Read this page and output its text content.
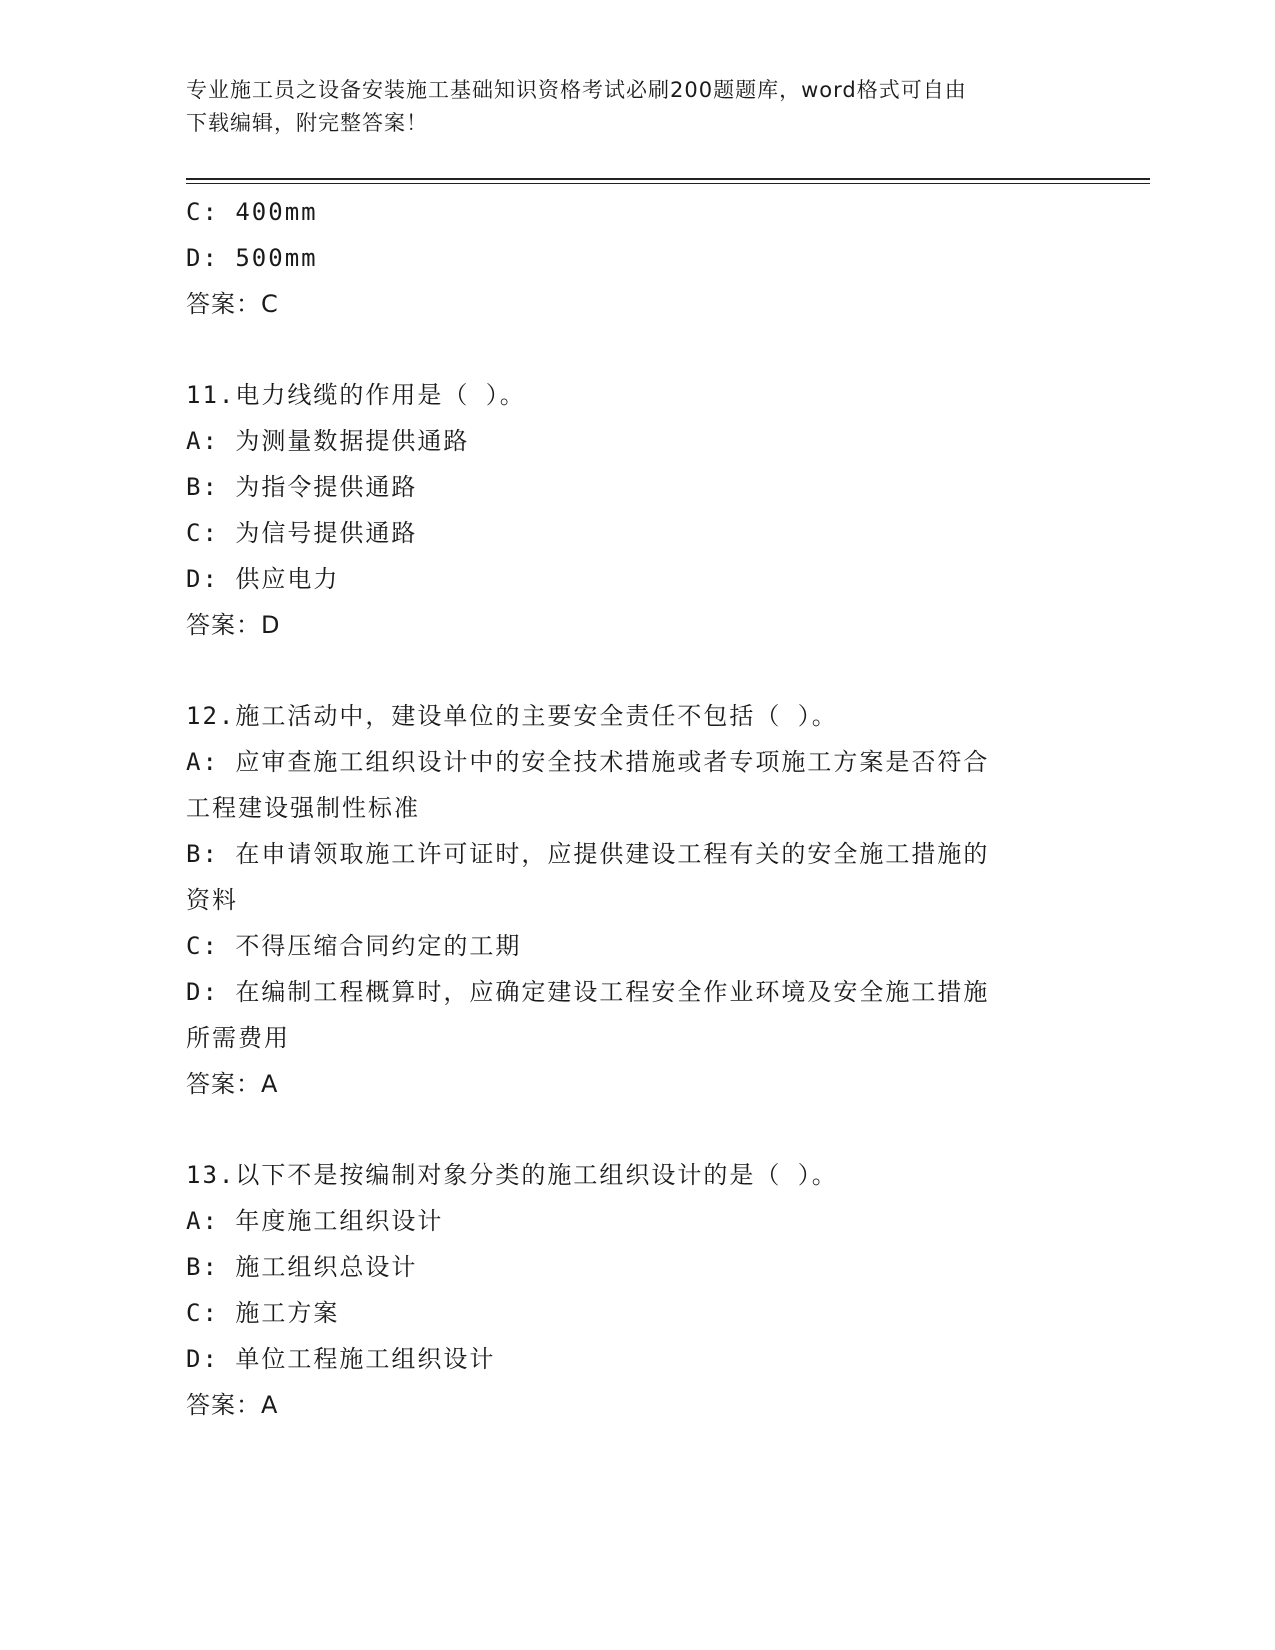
专业施工员之设备安装施工基础知识资格考试必刷200题题库，word格式可自由
下载编辑，附完整答案！
C: 400mm
D: 500mm
答案：C
11.电力线缆的作用是（ ）。
A: 为测量数据提供通路
B: 为指令提供通路
C: 为信号提供通路
D: 供应电力
答案：D
12.施工活动中，建设单位的主要安全责任不包括（ ）。
A: 应审查施工组织设计中的安全技术措施或者专项施工方案是否符合
工程建设强制性标准
B: 在申请领取施工许可证时，应提供建设工程有关的安全施工措施的
资料
C: 不得压缩合同约定的工期
D: 在编制工程概算时，应确定建设工程安全作业环境及安全施工措施
所需费用
答案：A
13.以下不是按编制对象分类的施工组织设计的是（ ）。
A: 年度施工组织设计
B: 施工组织总设计
C: 施工方案
D: 单位工程施工组织设计
答案：A
